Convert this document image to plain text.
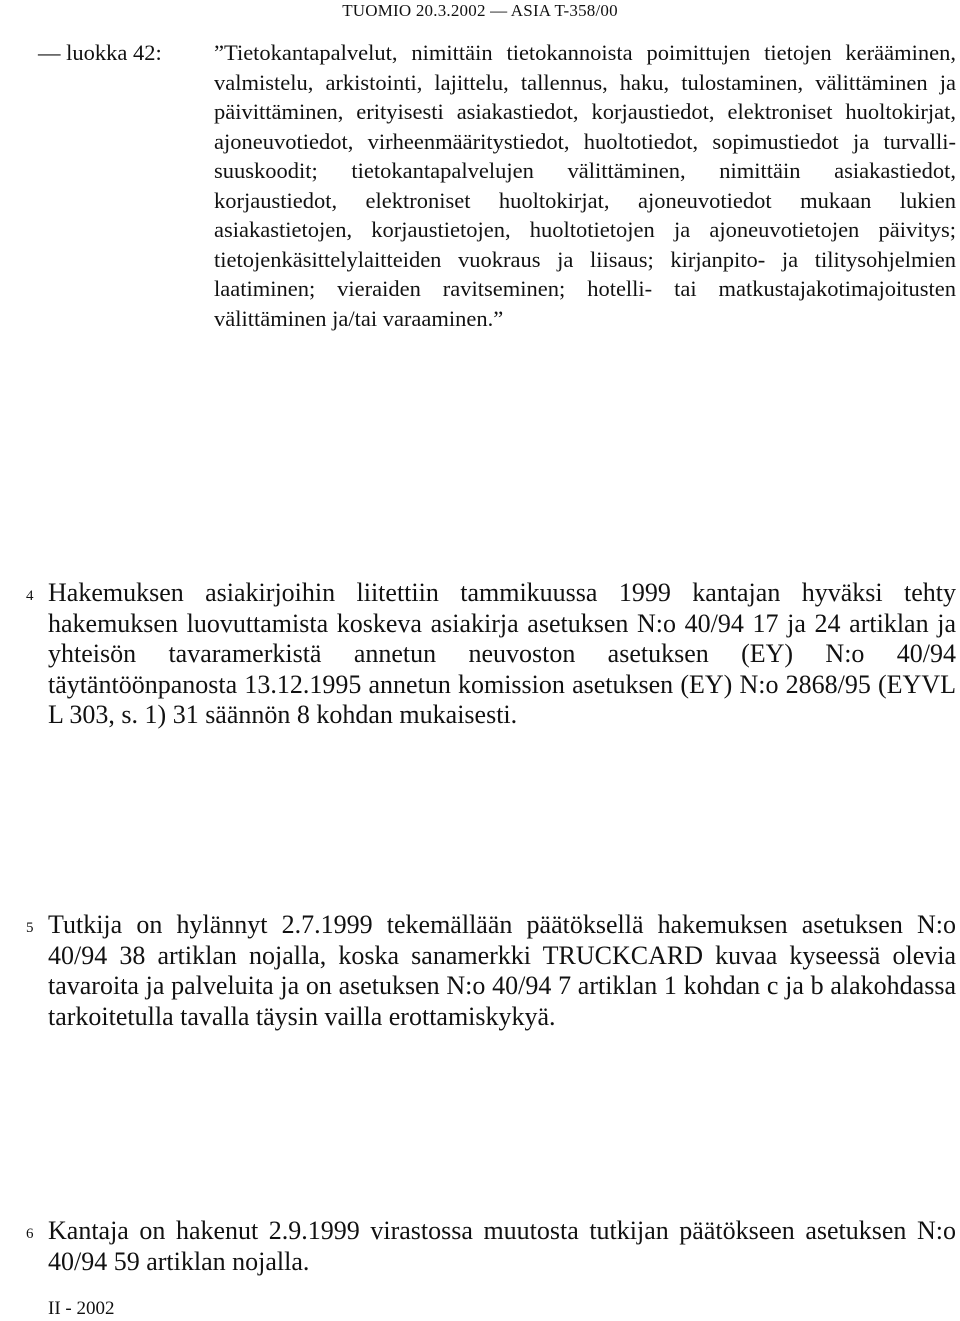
TUOMIO 20.3.2002 — ASIA T-358/00
— luokka 42: ”Tietokantapalvelut, nimittäin tietokannoista poimittujen tietojen kerääminen, valmistelu, arkistointi, lajittelu, tallennus, haku, tulostaminen, välittäminen ja päivittäminen, erityisesti asiakastiedot, korjaustiedot, elektroniset huoltokirjat, ajoneuvotiedot, virheenmääritystiedot, huoltotiedot, sopimustiedot ja turvallisuuskoodit; tietokantapalvelujen välittäminen, nimittäin asiakastiedot, korjaustiedot, elektroniset huoltokirjat, ajoneuvotiedot mukaan lukien asiakastietojen, korjaustietojen, huoltotietojen ja ajoneuvotietojen päivitys; tietojenkäsittelylaitteiden vuokraus ja liisaus; kirjanpito- ja tilitysohjelmien laatiminen; vieraiden ravitseminen; hotelli- tai matkustajakotimajoitusten välittäminen ja/tai varaaminen.”
4 Hakemuksen asiakirjoihin liitettiin tammikuussa 1999 kantajan hyväksi tehty hakemuksen luovuttamista koskeva asiakirja asetuksen N:o 40/94 17 ja 24 artiklan ja yhteisön tavaramerkistä annetun neuvoston asetuksen (EY) N:o 40/94 täytäntöönpanosta 13.12.1995 annetun komission asetuksen (EY) N:o 2868/95 (EYVL L 303, s. 1) 31 säännön 8 kohdan mukaisesti.
5 Tutkija on hylännyt 2.7.1999 tekemällään päätöksellä hakemuksen asetuksen N:o 40/94 38 artiklan nojalla, koska sanamerkki TRUCKCARD kuvaa kyseessä olevia tavaroita ja palveluita ja on asetuksen N:o 40/94 7 artiklan 1 kohdan c ja b alakohdassa tarkoitetulla tavalla täysin vailla erottamiskykyä.
6 Kantaja on hakenut 2.9.1999 virastossa muutosta tutkijan päätökseen asetuksen N:o 40/94 59 artiklan nojalla.
II - 2002
